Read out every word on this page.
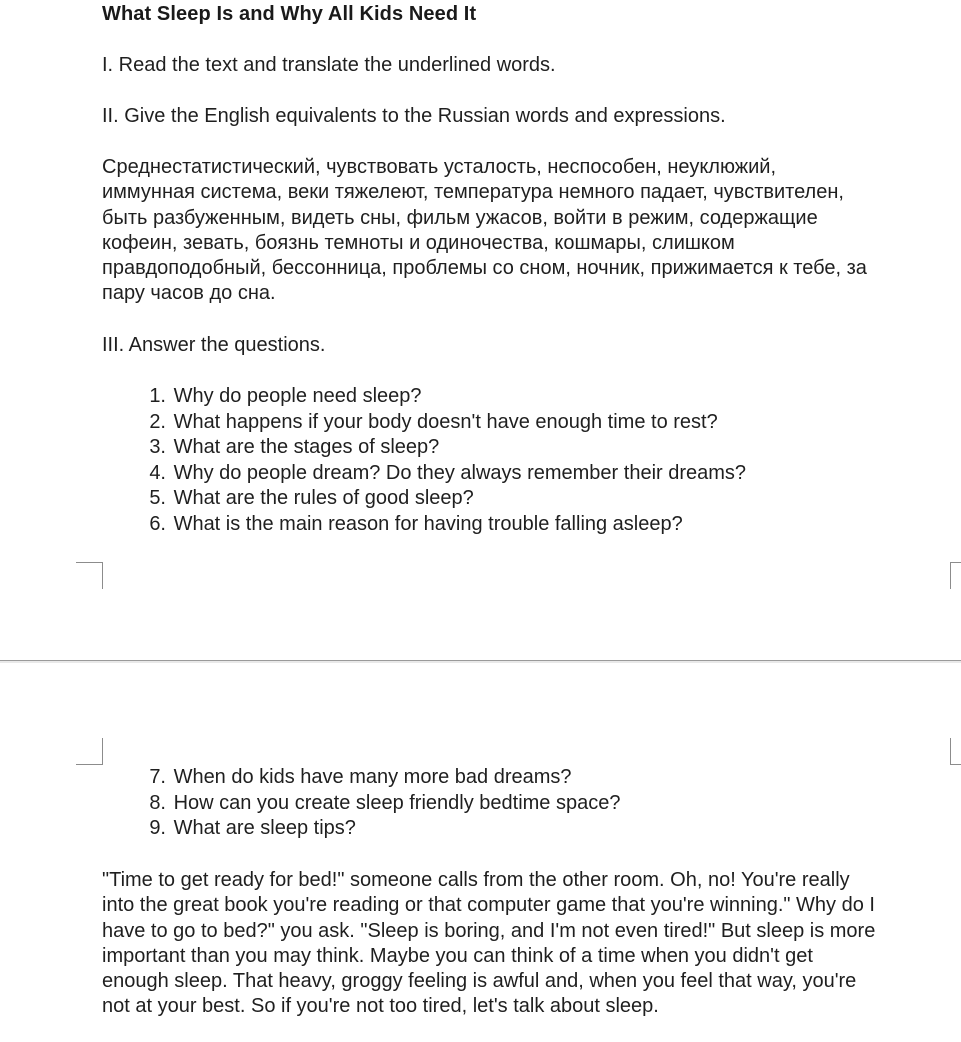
What Sleep Is and Why All Kids Need It
I. Read the text and translate the underlined words.
II. Give the English equivalents to the Russian words and expressions.
Среднестатистический, чувствовать усталость, неспособен, неуклюжий,
иммунная система, веки тяжелеют, температура немного падает, чувствителен,
быть разбуженным, видеть сны, фильм ужасов, войти в режим, содержащие
кофеин, зевать, боязнь темноты и одиночества, кошмары, слишком
правдоподобный, бессонница, проблемы со сном, ночник, прижимается к тебе, за
пару часов до сна.
III. Answer the questions.
1. Why do people need sleep?
2. What happens if your body doesn't have enough time to rest?
3. What are the stages of sleep?
4. Why do people dream? Do they always remember their dreams?
5. What are the rules of good sleep?
6. What is the main reason for having trouble falling asleep?
7. When do kids have many more bad dreams?
8. How can you create sleep friendly bedtime space?
9. What are sleep tips?
"Time to get ready for bed!" someone calls from the other room. Oh, no! You're really
into the great book you're reading or that computer game that you're winning." Why do I
have to go to bed?" you ask. "Sleep is boring, and I'm not even tired!" But sleep is more
important than you may think. Maybe you can think of a time when you didn't get
enough sleep. That heavy, groggy feeling is awful and, when you feel that way, you're
not at your best. So if you're not too tired, let's talk about sleep.
